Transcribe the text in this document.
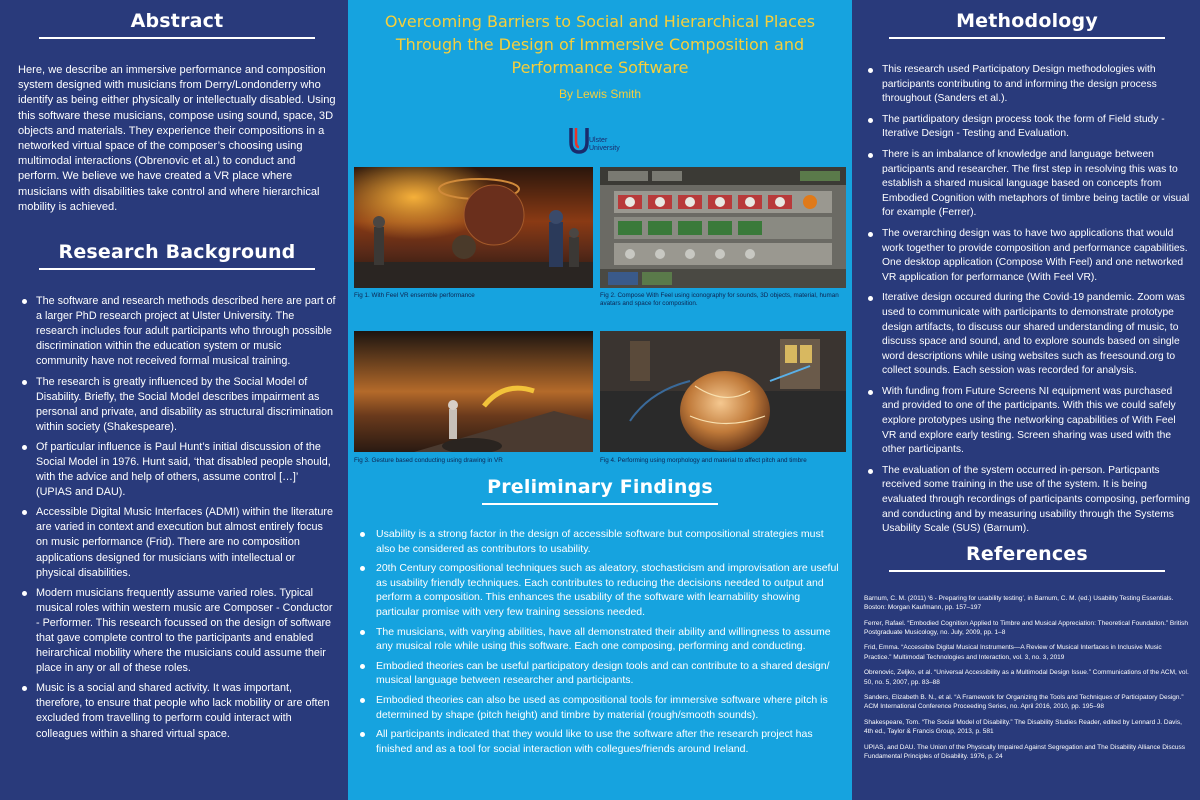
Abstract

Here, we describe an immersive performance and composition system designed with musicians from Derry/Londonderry who identify as being either physically or intellectually disabled. Using this software these musicians, compose using sound, space, 3D objects and materials. They experience their compositions in a networked virtual space of the composer’s choosing using multimodal interactions (Obrenovic et al.) to conduct and perform. We believe we have created a VR place where musicians with disabilities take control and where hierarchical mobility is achieved.

Research Background
The software and research methods described here are part of a larger PhD research project at Ulster University. The research includes four adult participants who through possible discrimination within the education system or music community have not received formal musical training.
The research is greatly influenced by the Social Model of Disability. Briefly, the Social Model describes impairment as personal and private, and disability as structural discrimination within society (Shakespeare).
Of particular influence is Paul Hunt’s initial discussion of the Social Model in 1976. Hunt said, ‘that disabled people should, with the advice and help of others, assume control […]’ (UPIAS and DAU).
Accessible Digital Music Interfaces (ADMI) within the literature are varied in context and execution but almost entirely focus on music performance (Frid). There are no composition applications designed for musicians with intellectual or physical disabilities.
Modern musicians frequently assume varied roles. Typical musical roles within western music are Composer - Conductor - Performer. This research focussed on the design of software that gave complete control to the participants and enabled heirarchical mobility where the musicians could assume their place in any or all of these roles.
Music is a social and shared activity. It was important, therefore, to ensure that people who lack mobility or are often excluded from travelling to perform could interact with colleagues within a shared virtual space.
Overcoming Barriers to Social and Hierarchical Places Through the Design of Immersive Composition and Performance Software
By Lewis Smith
Ulster
University
Fig 1. With Feel VR ensemble performance	Fig 2. Compose With Feel using iconography for sounds, 3D objects, material, human avatars and space for composition.
Fig 3. Gesture based conducting using drawing in VR	Fig 4. Performing using morphology and material to affect pitch and timbre
Preliminary Findings
Usability is a strong factor in the design of accessible software but compositional strategies must also be considered as contributors to usability.
20th Century compositional techniques such as aleatory, stochasticism and improvisation are useful as usability friendly techniques. Each contributes to reducing the decisions needed to output and perform a composition. This enhances the usability of the software with learnability showing particular promise with very few training sessions needed.
The musicians, with varying abilities, have all demonstrated their ability and willingness to assume any musical role while using this software. Each one composing, performing and conducting.
Embodied theories can be useful participatory design tools and can contribute to a shared design/ musical language between researcher and participants.
Embodied theories can also be used as compositional tools for immersive software where pitch is determined by shape (pitch height) and timbre by material (rough/smooth sounds).
All participants indicated that they would like to use the software after the research project has finished and as a tool for social interaction with collegues/friends around Ireland.
Methodology
This research used Participatory Design methodologies with participants contributing to and informing the design process throughout (Sanders et al.).
The partidipatory design process took the form of Field study - Iterative Design - Testing and Evaluation.
There is an imbalance of knowledge and language between participants and researcher. The first step in resolving this was to establish a shared musical language based on concepts from Embodied Cognition with metaphors of timbre being tactile or visual for example (Ferrer).
The overarching design was to have two applications that would work together to provide composition and performance capabilities. One desktop application (Compose With Feel) and one networked VR application for performance (With Feel VR).
Iterative design occured during the Covid-19 pandemic. Zoom was used to communicate with participants to demonstrate prototype design artifacts, to discuss our shared understanding of music, to discuss space and sound, and to explore sounds based on single word descriptions while using websites such as freesound.org to collect sounds. Each session was recorded for analysis.
With funding from Future Screens NI equipment was purchased and provided to one of the participants. With this we could safely explore prototypes using the networking capabilities of With Feel VR and explore early testing. Screen sharing was used with the other participants.
The evaluation of the system occurred in-person. Particpants received some training in the use of the system. It is being evaluated through recordings of participants composing, performing and conducting and by measuring usability through the Systems Usability Scale (SUS) (Barnum).
References

Barnum, C. M. (2011) ‘6 - Preparing for usability testing’, in Barnum, C. M. (ed.) Usability Testing Essentials. Boston: Morgan Kaufmann, pp. 157–197

Ferrer, Rafael. “Embodied Cognition Applied to Timbre and Musical Appreciation: Theoretical Foundation.” British Postgraduate Musicology, no. July, 2009, pp. 1–8

Frid, Emma. “Accessible Digital Musical Instruments—A Review of Musical Interfaces in Inclusive Music Practice.” Multimodal Technologies and Interaction, vol. 3, no. 3, 2019

Obrenovic, Zeljko, et al. “Universal Accessibility as a Multimodal Design Issue.” Communications of the ACM, vol. 50, no. 5, 2007, pp. 83–88

Sanders, Elizabeth B. N., et al. “A Framework for Organizing the Tools and Techniques of Participatory Design.” ACM International Conference Proceeding Series, no. April 2016, 2010, pp. 195–98

Shakespeare, Tom. “The Social Model of Disability.” The Disability Studies Reader, edited by Lennard J. Davis, 4th ed., Taylor & Francis Group, 2013, p. 581

UPIAS, and DAU. The Union of the Physically Impaired Against Segregation and The Disability Alliance Discuss Fundamental Principles of Disability. 1976, p. 24
